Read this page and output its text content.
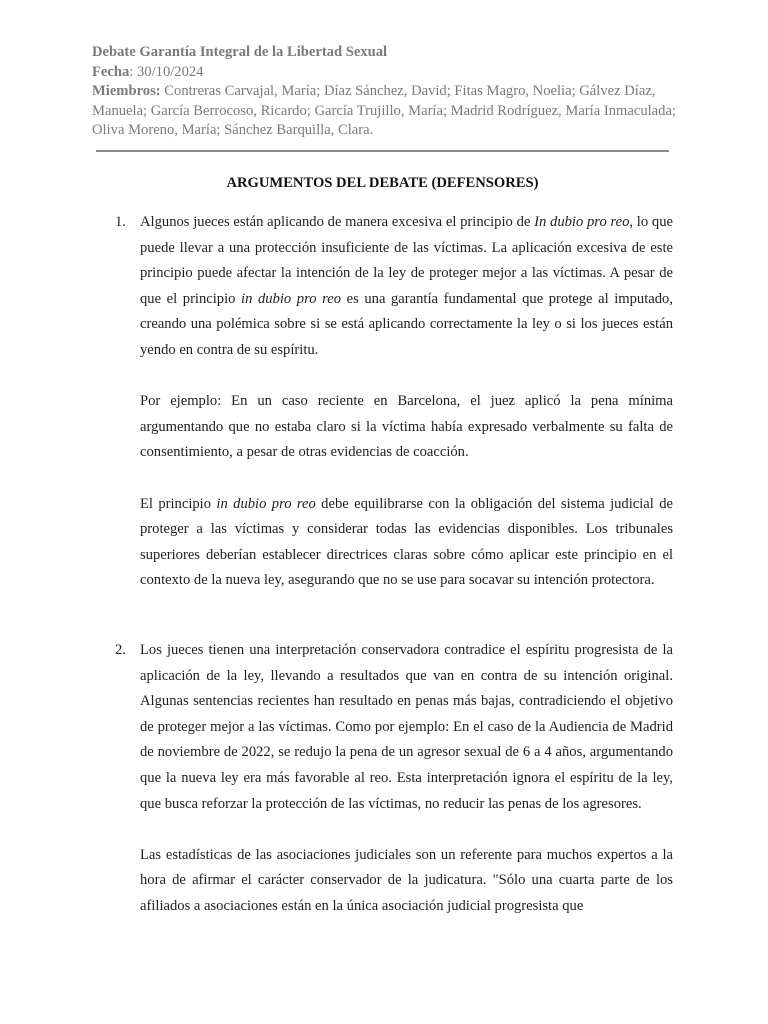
Debate Garantía Integral de la Libertad Sexual
Fecha: 30/10/2024
Miembros: Contreras Carvajal, María; Díaz Sánchez, David; Fitas Magro, Noelia; Gálvez Díaz, Manuela; García Berrocoso, Ricardo; García Trujillo, María; Madrid Rodríguez, María Inmaculada; Oliva Moreno, María; Sánchez Barquilla, Clara.
ARGUMENTOS DEL DEBATE (DEFENSORES)
1. Algunos jueces están aplicando de manera excesiva el principio de In dubio pro reo, lo que puede llevar a una protección insuficiente de las víctimas. La aplicación excesiva de este principio puede afectar la intención de la ley de proteger mejor a las víctimas. A pesar de que el principio in dubio pro reo es una garantía fundamental que protege al imputado, creando una polémica sobre si se está aplicando correctamente la ley o si los jueces están yendo en contra de su espíritu.

Por ejemplo: En un caso reciente en Barcelona, el juez aplicó la pena mínima argumentando que no estaba claro si la víctima había expresado verbalmente su falta de consentimiento, a pesar de otras evidencias de coacción.

El principio in dubio pro reo debe equilibrarse con la obligación del sistema judicial de proteger a las víctimas y considerar todas las evidencias disponibles. Los tribunales superiores deberían establecer directrices claras sobre cómo aplicar este principio en el contexto de la nueva ley, asegurando que no se use para socavar su intención protectora.

2. Los jueces tienen una interpretación conservadora contradice el espíritu progresista de la aplicación de la ley, llevando a resultados que van en contra de su intención original. Algunas sentencias recientes han resultado en penas más bajas, contradiciendo el objetivo de proteger mejor a las víctimas. Como por ejemplo: En el caso de la Audiencia de Madrid de noviembre de 2022, se redujo la pena de un agresor sexual de 6 a 4 años, argumentando que la nueva ley era más favorable al reo. Esta interpretación ignora el espíritu de la ley, que busca reforzar la protección de las víctimas, no reducir las penas de los agresores.

Las estadísticas de las asociaciones judiciales son un referente para muchos expertos a la hora de afirmar el carácter conservador de la judicatura. "Sólo una cuarta parte de los afiliados a asociaciones están en la única asociación judicial progresista que
